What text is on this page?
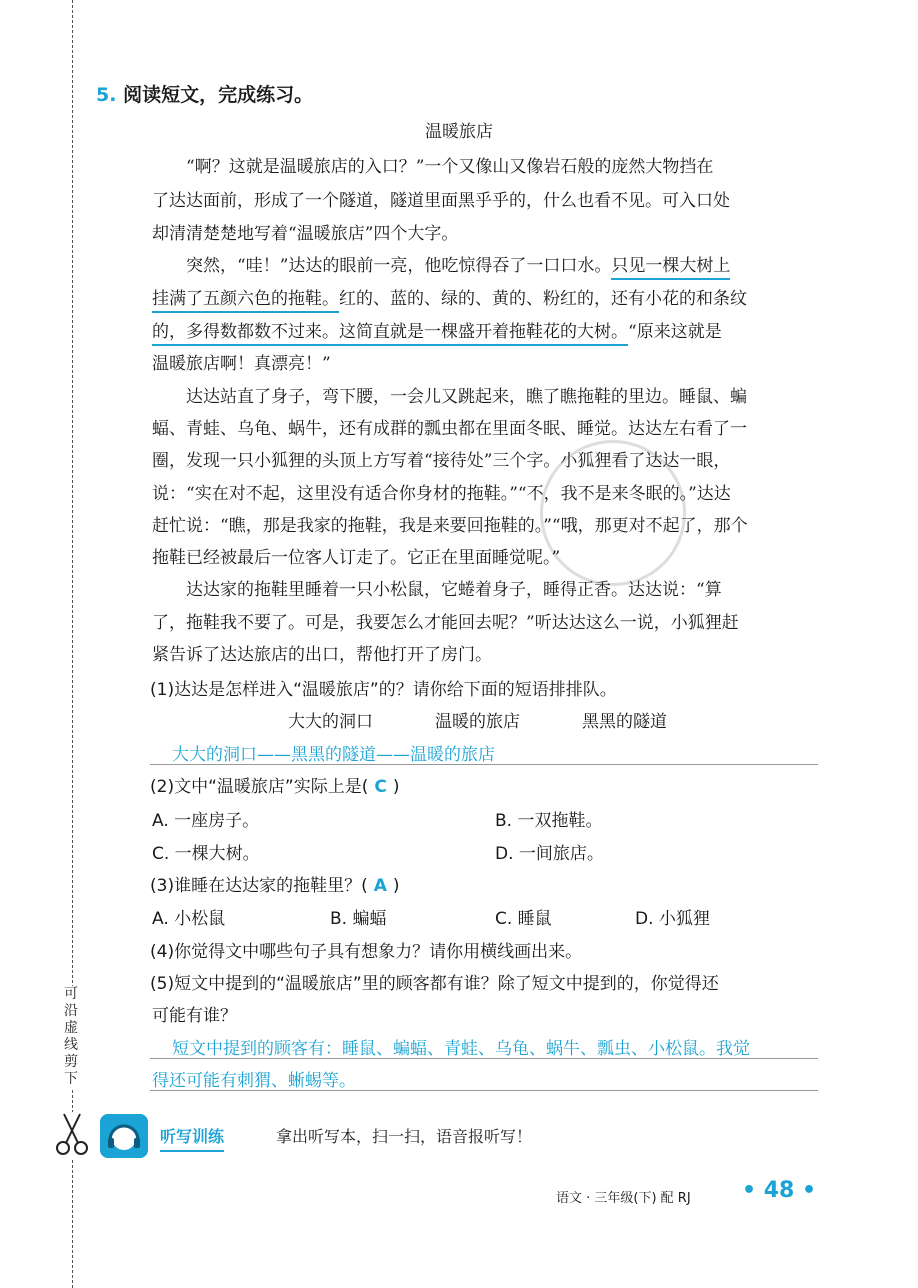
可沿虚线剪下
5. 阅读短文，完成练习。
温暖旅店
“啊？这就是温暖旅店的入口？”一个又像山又像岩石般的庞然大物挡在
了达达面前，形成了一个隧道，隧道里面黑乎乎的，什么也看不见。可入口处
却清清楚楚地写着“温暖旅店”四个大字。
突然，“哇！”达达的眼前一亮，他吃惊得吞了一口口水。只见一棵大树上
挂满了五颜六色的拖鞋。红的、蓝的、绿的、黄的、粉红的，还有小花的和条纹
的，多得数都数不过来。这简直就是一棵盛开着拖鞋花的大树。“原来这就是
温暖旅店啊！真漂亮！”
达达站直了身子，弯下腰，一会儿又跳起来，瞧了瞧拖鞋的里边。睡鼠、蝙
蝠、青蛙、乌龟、蜗牛，还有成群的瓢虫都在里面冬眠、睡觉。达达左右看了一
圈，发现一只小狐狸的头顶上方写着“接待处”三个字。小狐狸看了达达一眼，
说：“实在对不起，这里没有适合你身材的拖鞋。”“不，我不是来冬眠的。”达达
赶忙说：“瞧，那是我家的拖鞋，我是来要回拖鞋的。”“哦，那更对不起了，那个
拖鞋已经被最后一位客人订走了。它正在里面睡觉呢。”
达达家的拖鞋里睡着一只小松鼠，它蜷着身子，睡得正香。达达说：“算
了，拖鞋我不要了。可是，我要怎么才能回去呢？”听达达这么一说，小狐狸赶
紧告诉了达达旅店的出口，帮他打开了房门。
(1)达达是怎样进入“温暖旅店”的？请你给下面的短语排排队。
大大的洞口	温暖的旅店	黑黑的隧道
大大的洞口——黑黑的隧道——温暖的旅店
(2)文中“温暖旅店”实际上是( C )
A. 一座房子。	B. 一双拖鞋。
C. 一棵大树。	D. 一间旅店。
(3)谁睡在达达家的拖鞋里？( A )
A. 小松鼠	B. 蝙蝠	C. 睡鼠	D. 小狐狸
(4)你觉得文中哪些句子具有想象力？请你用横线画出来。
(5)短文中提到的“温暖旅店”里的顾客都有谁？除了短文中提到的，你觉得还
可能有谁？
短文中提到的顾客有：睡鼠、蝙蝠、青蛙、乌龟、蜗牛、瓢虫、小松鼠。我觉
得还可能有刺猬、蜥蜴等。
听写训练	拿出听写本，扫一扫，语音报听写！
语文 · 三年级(下) 配 RJ • 48 •
